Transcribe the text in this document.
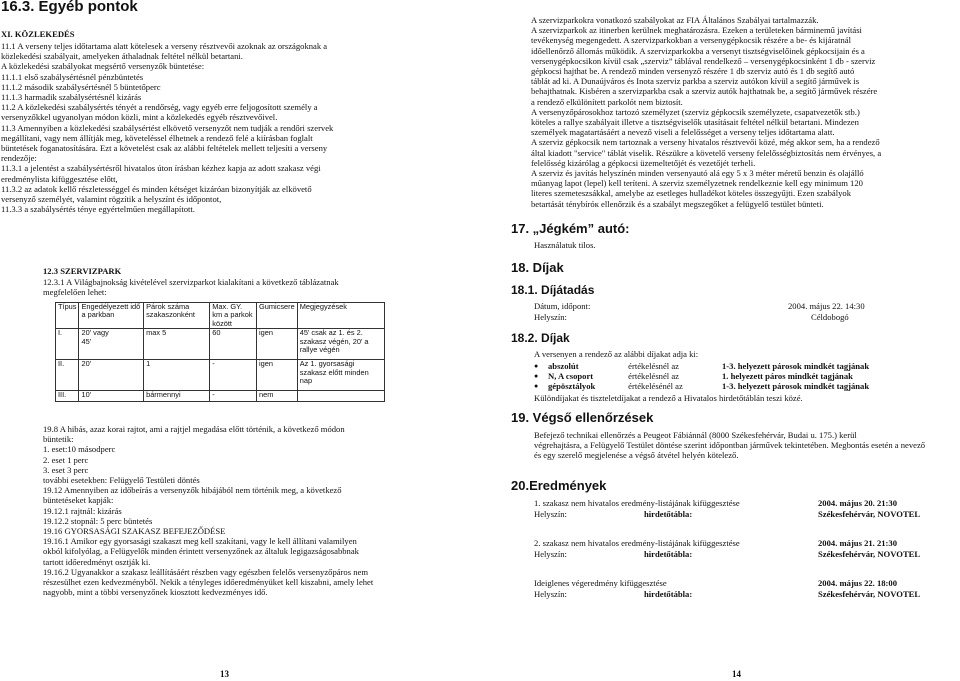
16.3. Egyéb pontok
XI. KÖZLEKEDÉS
11.1 A verseny teljes időtartama alatt kötelesek a verseny résztvevői azoknak az országoknak a
közlekedési szabályait, amelyeken áthaladnak feltétel nélkül betartani.
A közlekedési szabályokat megsértő versenyzők büntetése:
11.1.1 első szabálysértésnél pénzbüntetés
11.1.2 második szabálysértésnél 5 büntetőperc
11.1.3 harmadik szabálysértésnél kizárás
11.2 A közlekedési szabálysértés tényét a rendőrség, vagy egyéb erre feljogosított személy a
versenyzőkkel ugyanolyan módon közli, mint a közlekedés egyéb résztvevőivel.
11.3 Amennyiben a közlekedési szabálysértést elkövető versenyzőt nem tudják a rendőri szervek
megállítani, vagy nem állítják meg, követeléssel élhetnek a rendező felé a kiírásban foglalt
büntetések foganatosítására. Ezt a követelést csak az alábbi feltételek mellett teljesíti a verseny
rendezője:
11.3.1 a jelentést a szabálysértésről hivatalos úton írásban kézhez kapja az adott szakasz végi
eredménylista kifüggesztése előtt,
11.3.2 az adatok kellő részletességgel és minden kétséget kizáróan bizonyítják az elkövető
versenyző személyét, valamint rögzítik a helyszínt és időpontot,
11.3.3 a szabálysértés ténye egyértelműen megállapított.
12.3 SZERVIZPARK
12.3.1 A Világbajnokság kivételével szervizparkot kialakítani a következő táblázatnak
megfelelően lehet:
Típus	Engedélyezett idő a parkban	Párok száma szakaszonként	Max. GY. km a parkok között	Gumicsere	Megjegyzések
I.	20' vagy
45'	max 5	60	igen	45' csak az 1. és 2. szakasz végén, 20' a rallye végén
II.	20'	1	-	igen	Az 1. gyorsasági szakasz előtt minden nap
III.	10'	bármennyi	-	nem	
19.8 A hibás, azaz korai rajtot, ami a rajtjel megadása előtt történik, a következő módon
büntetik:
1. eset:10 másodperc
2. eset 1 perc
3. eset 3 perc
további esetekben: Felügyelő Testületi döntés
19.12 Amennyiben az időbeírás a versenyzők hibájából nem történik meg, a következő
büntetéseket kapják:
19.12.1 rajtnál: kizárás
19.12.2 stopnál: 5 perc büntetés
19.16 GYORSASÁGI SZAKASZ BEFEJEZŐDÉSE
19.16.1 Amikor egy gyorsasági szakaszt meg kell szakítani, vagy le kell állítani valamilyen
okból kifolyólag, a Felügyelők minden érintett versenyzőnek az általuk legigazságosabbnak
tartott időeredményt osztják ki.
19.16.2 Ugyanakkor a szakasz leállításáért részben vagy egészben felelős versenyzőpáros nem
részesülhet ezen kedvezményből. Nekik a tényleges időeredményüket kell kiszabni, amely lehet
nagyobb, mint a többi versenyzőnek kiosztott kedvezményes idő.
13
A szervizparkokra vonatkozó szabályokat az FIA Általános Szabályai tartalmazzák.
A szervizparkok az itinerben kerülnek meghatározásra. Ezeken a területeken bárminemű javítási
tevékenység megengedett. A szervizparkokban a versenygépkocsik részére a be- és kijáratnál
időellenőrző állomás működik. A szervizparkokba a versenyt tisztségviselőinek gépkocsijain és a
versenygépkocsikon kívül csak „szerviz” táblával rendelkező – versenygépkocsinként 1 db - szerviz
gépkocsi hajthat be. A rendező minden versenyző részére 1 db szerviz autó és 1 db segítő autó
táblát ad ki. A Dunaújváros és Inota szerviz parkba a szerviz autókon kívül a segítő járművek is
behajthatnak. Kisbéren a szervizparkba csak a szerviz autók hajthatnak be, a segítő járművek részére
a rendező elkülönített parkolót nem biztosít.
A versenyzőpárosokhoz tartozó személyzet (szerviz gépkocsik személyzete, csapatvezetők stb.)
köteles a rallye szabályait illetve a tisztségviselők utasításait feltétel nélkül betartani. Mindezen
személyek magatartásáért a nevező viseli a felelősséget a verseny teljes időtartama alatt.
A szerviz gépkocsik nem tartoznak a verseny hivatalos résztvevői közé, még akkor sem, ha a rendező
által kiadott "service" táblát viselik. Részükre a követelő verseny felelősségbiztosítás nem érvényes, a
felelősség kizárólag a gépkocsi üzemeltetőjét és vezetőjét terheli.
A szerviz és javítás helyszínén minden versenyautó alá egy 5 x 3 méter méretű benzin és olajálló
műanyag lapot (lepel) kell teríteni. A szerviz személyzetnek rendelkeznie kell egy minimum 120
literes szemeteszsákkal, amelybe az esetleges hulladékot köteles összegyűjti. Ezen szabályok
betartását ténybíróк ellenőrzik és a szabályt megszegőket a felügyelő testület bünteti.
17. „Jégkém” autó:
Használatuk tilos.
18. Díjak
18.1. Díjátadás
Dátum, időpont:	2004. május 22. 14:30
Helyszín:	Céldobogó
18.2. Díjak
A versenyen a rendező az alábbi díjakat adja ki:
● abszolút	értékelésnél az	1-3. helyezett párosok mindkét tagjának
● N, A csoport	értékelésnél az	1. helyezett páros mindkét tagjának
● gépösztályok	értékelésénél az	1-3. helyezett párosok mindkét tagjának
Különdíjakat és tiszteletdíjakat a rendező a Hivatalos hirdetőtáblán teszi közé.
19. Végső ellenőrzések
Befejező technikai ellenőrzés a Peugeot Fábiánnál (8000 Székesfehérvár, Budai u. 175.) kerül
végrehajtásra, a Felügyelő Testület döntése szerint időpontban járművek tekintetében. Megbontás esetén a nevező
és egy szerelő megjelenése a végső átvétel helyén kötelező.
20.Eredmények
1. szakasz nem hivatalos eredmény-listájának kifüggesztése	2004. május 20. 21:30
Helyszín:	hirdetőtábla:	Székesfehérvár, NOVOTEL
2. szakasz nem hivatalos eredmény-listájának kifüggesztése	2004. május 21. 21:30
Helyszín:	hirdetőtábla:	Székesfehérvár, NOVOTEL
Ideiglenes végeredmény kifüggesztése	2004. május 22. 18:00
Helyszín:	hirdetőtábla:	Székesfehérvár, NOVOTEL
14
